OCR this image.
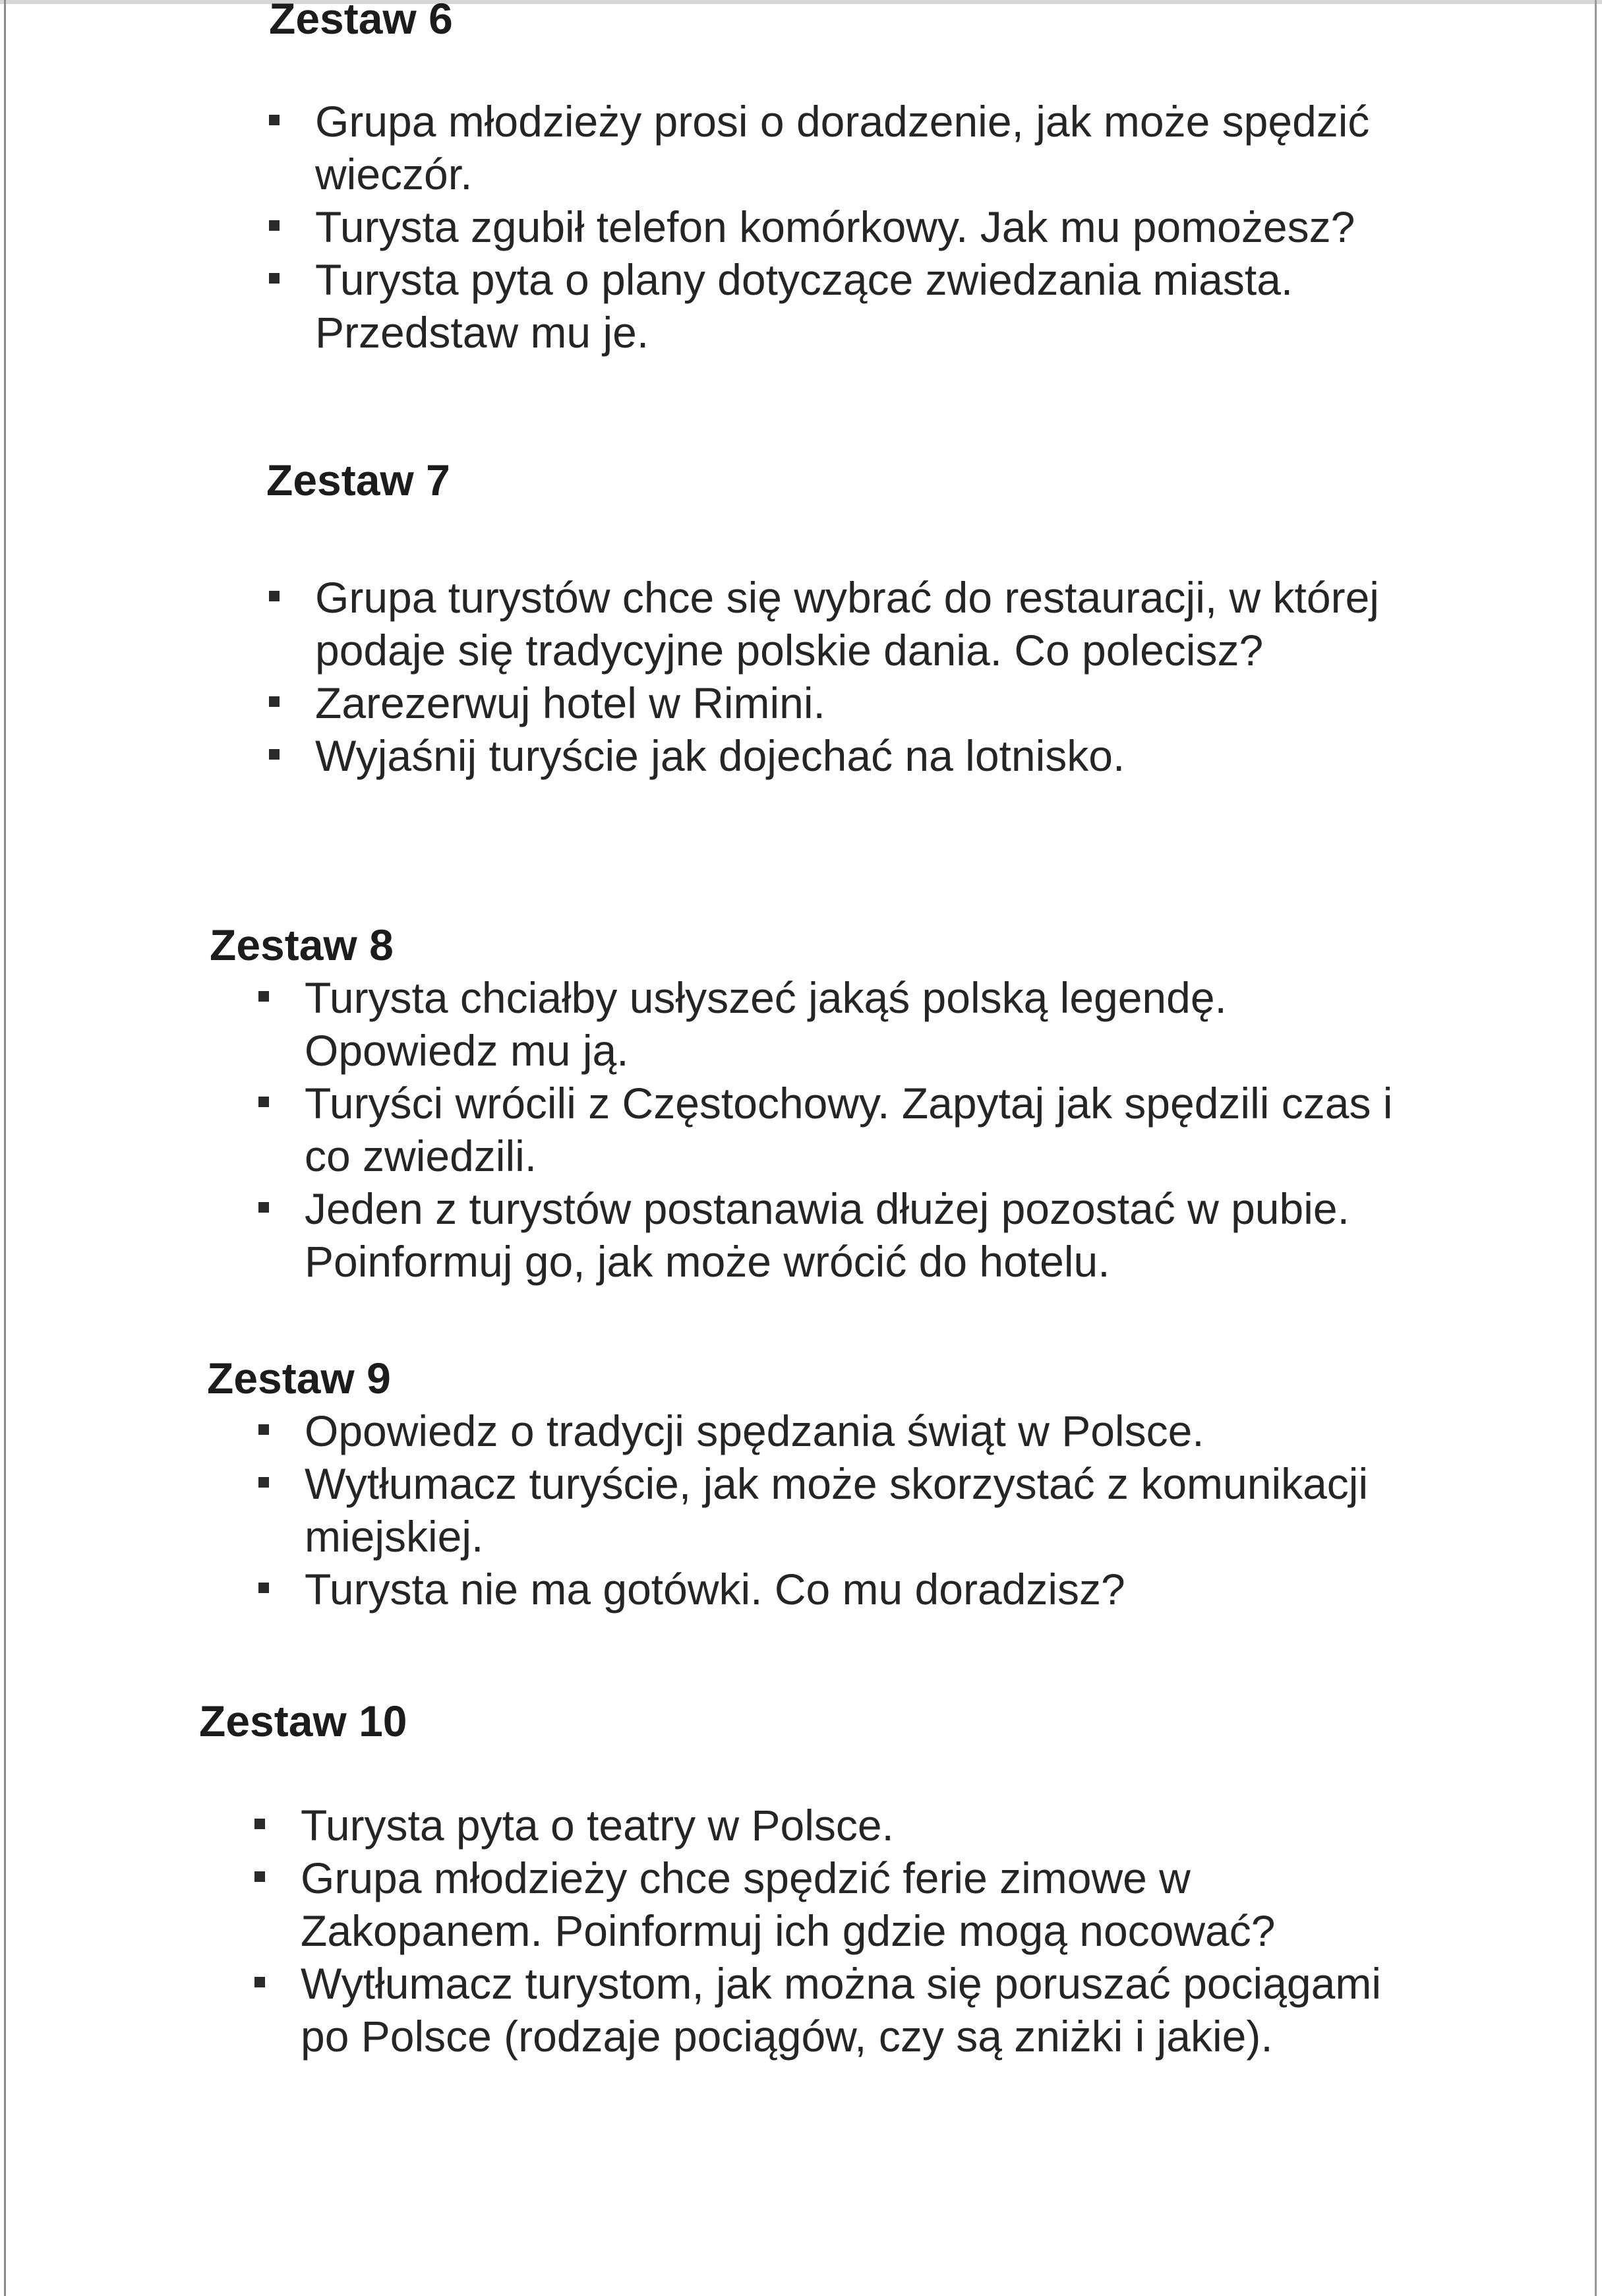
Zestaw 6
Grupa młodzieży prosi o doradzenie, jak może spędzić wieczór.
Turysta zgubił telefon komórkowy. Jak mu pomożesz?
Turysta pyta o plany dotyczące zwiedzania miasta. Przedstaw mu je.
Zestaw 7
Grupa turystów chce się wybrać do restauracji, w której podaje się tradycyjne polskie dania. Co polecisz?
Zarezerwuj hotel w Rimini.
Wyjaśnij turyście jak dojechać na lotnisko.
Zestaw 8
Turysta chciałby usłyszeć jakąś polską legendę. Opowiedz mu ją.
Turyści wrócili z Częstochowy. Zapytaj jak spędzili czas i co zwiedzili.
Jeden z turystów postanawia dłużej pozostać w pubie. Poinformuj go, jak może wrócić do hotelu.
Zestaw 9
Opowiedz o tradycji spędzania świąt w Polsce.
Wytłumacz turyście, jak może skorzystać z komunikacji miejskiej.
Turysta nie ma gotówki. Co mu doradzisz?
Zestaw 10
Turysta pyta o teatry w Polsce.
Grupa młodzieży chce spędzić ferie zimowe w Zakopanem. Poinformuj ich gdzie mogą nocować?
Wytłumacz turystom, jak można się poruszać pociągami po Polsce (rodzaje pociągów, czy są zniżki i jakie).
